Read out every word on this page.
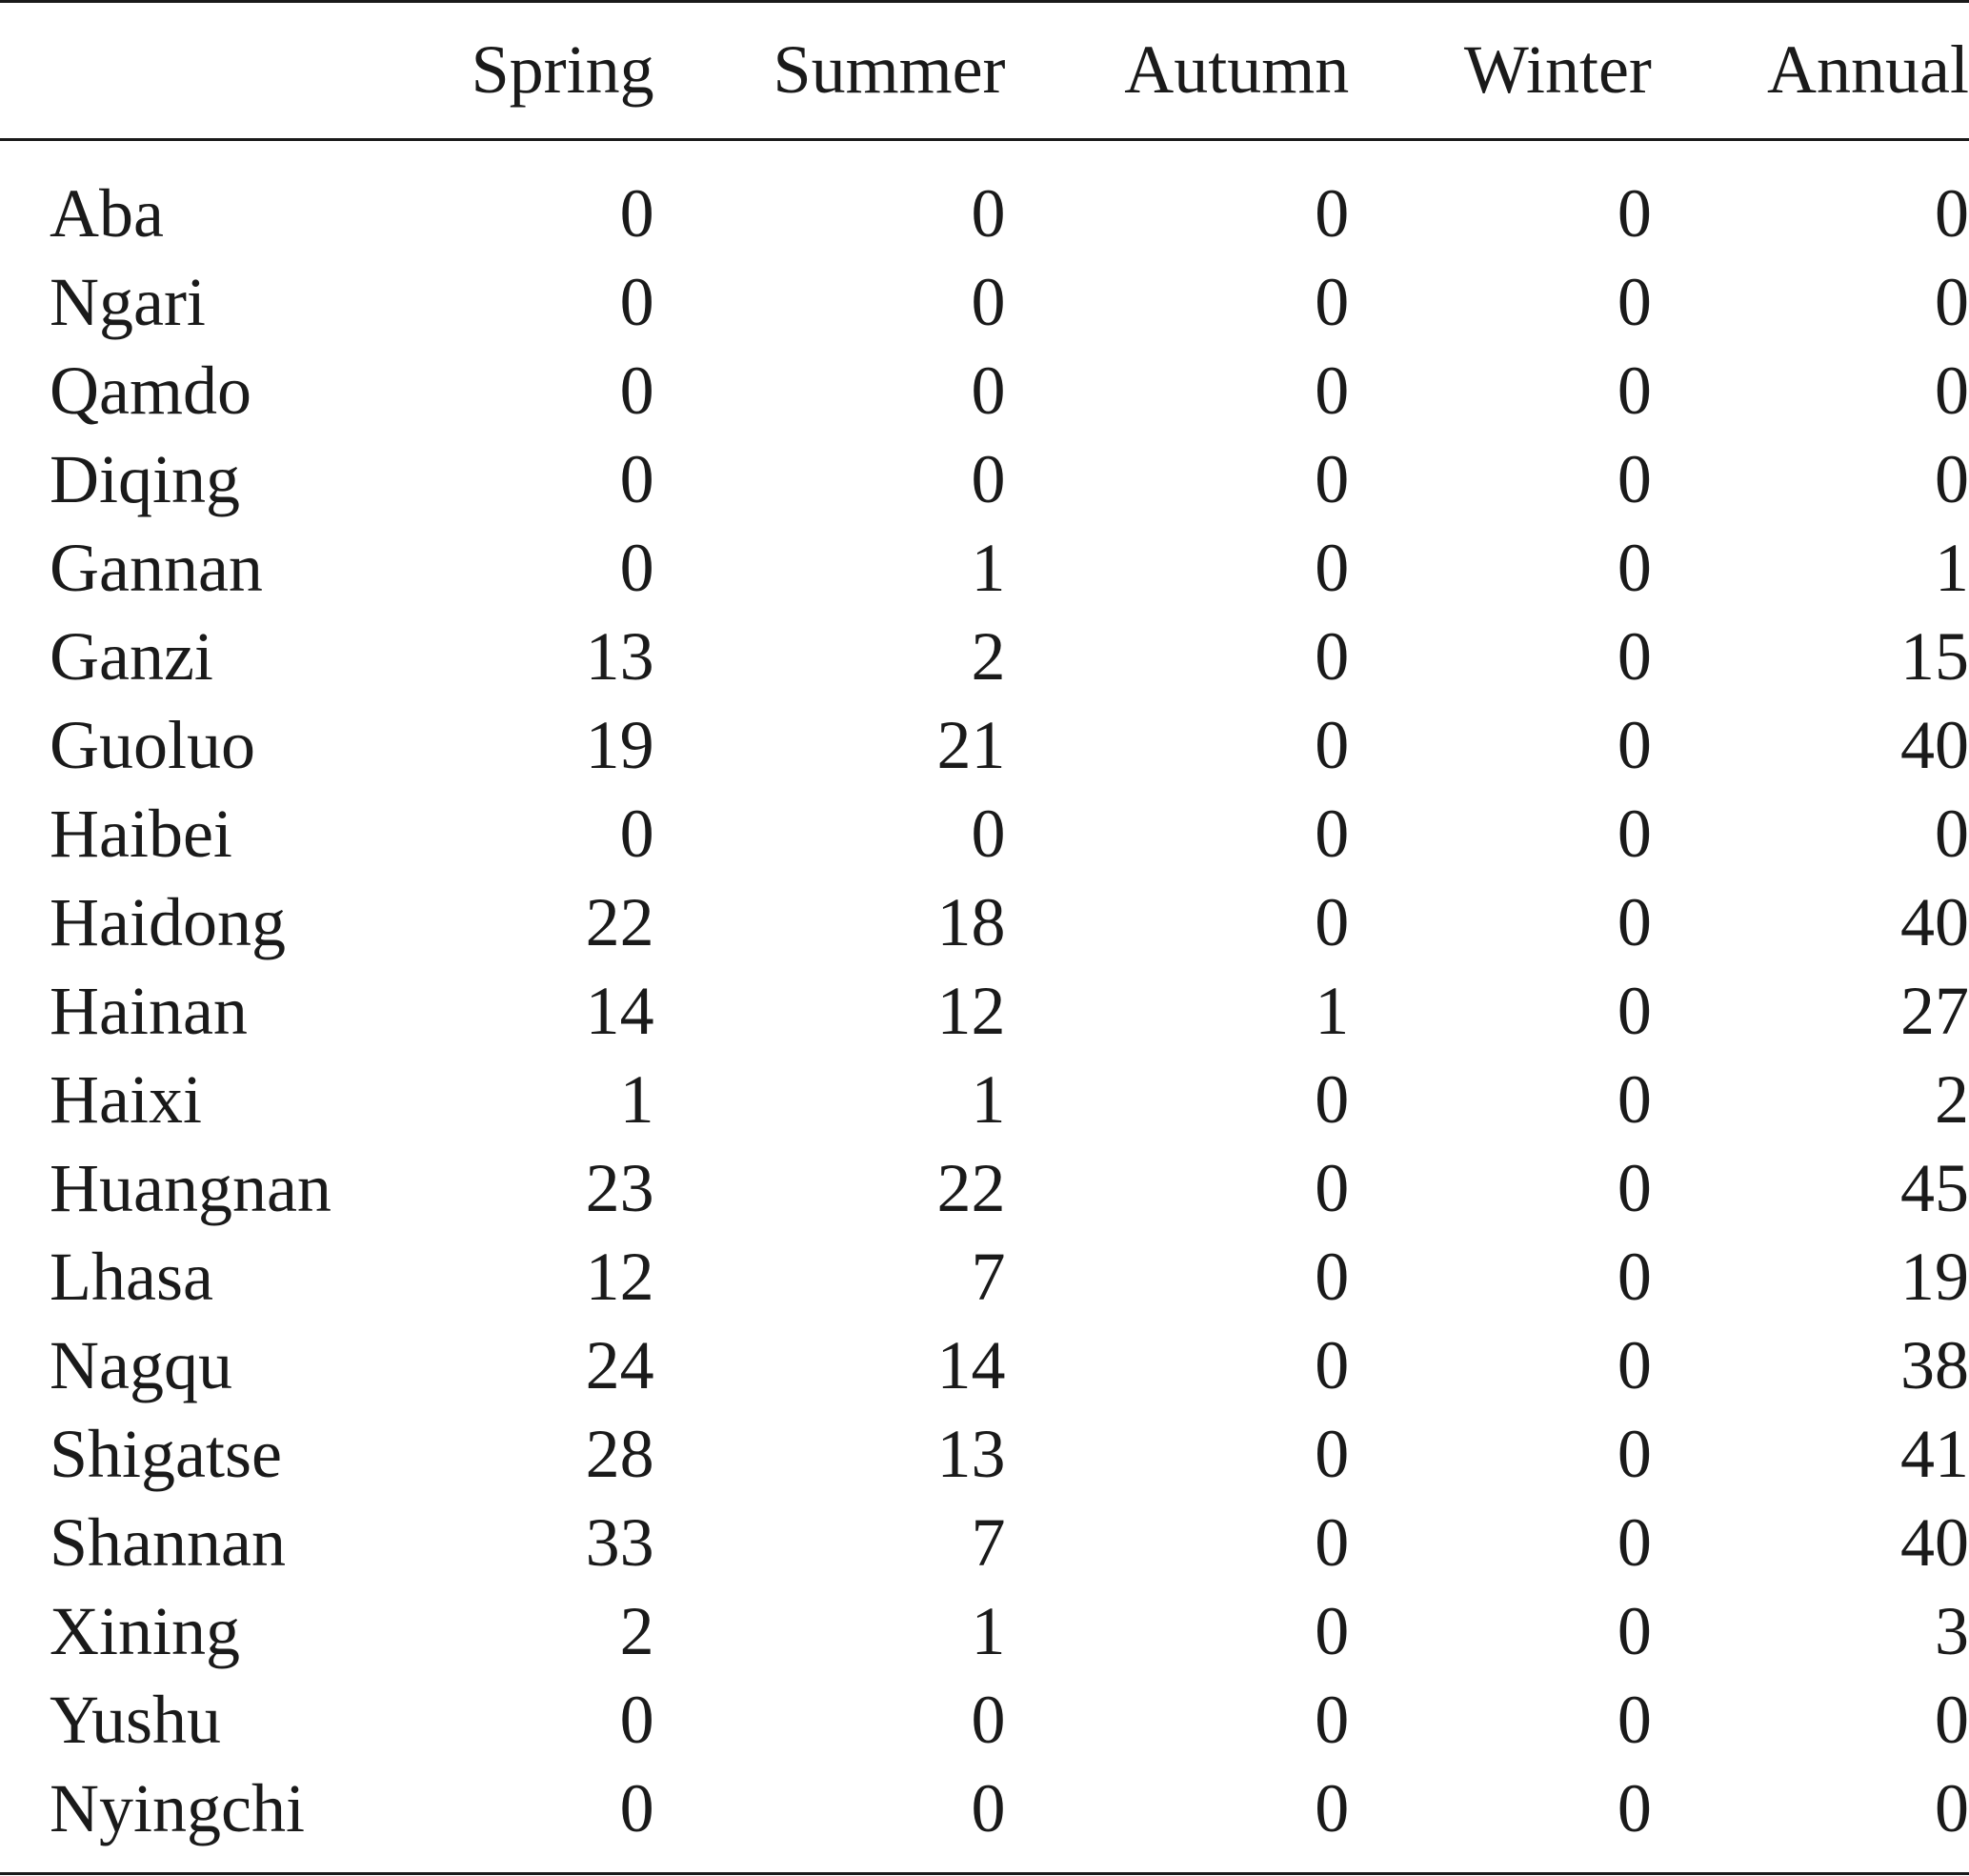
	Spring	Summer	Autumn	Winter	Annual

Aba	0	0	0	0	0
Ngari	0	0	0	0	0
Qamdo	0	0	0	0	0
Diqing	0	0	0	0	0
Gannan	0	1	0	0	1
Ganzi	13	2	0	0	15
Guoluo	19	21	0	0	40
Haibei	0	0	0	0	0
Haidong	22	18	0	0	40
Hainan	14	12	1	0	27
Haixi	1	1	0	0	2
Huangnan	23	22	0	0	45
Lhasa	12	7	0	0	19
Nagqu	24	14	0	0	38
Shigatse	28	13	0	0	41
Shannan	33	7	0	0	40
Xining	2	1	0	0	3
Yushu	0	0	0	0	0
Nyingchi	0	0	0	0	0
